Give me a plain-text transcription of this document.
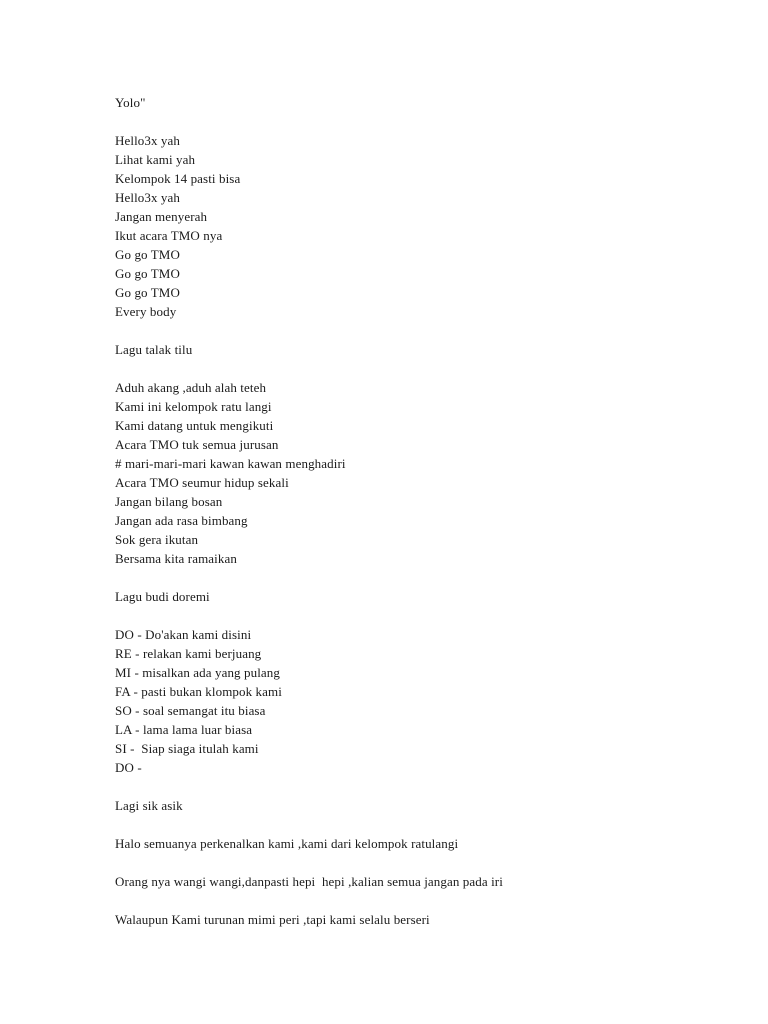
Yolo"
Hello3x yah
Lihat kami yah
Kelompok 14 pasti bisa
Hello3x yah
Jangan menyerah
Ikut acara TMO nya
Go go TMO
Go go TMO
Go go TMO
Every body
Lagu talak tilu
Aduh akang ,aduh alah teteh
Kami ini kelompok ratu langi
Kami datang untuk mengikuti
Acara TMO tuk semua jurusan
# mari-mari-mari kawan kawan menghadiri
Acara TMO seumur hidup sekali
Jangan bilang bosan
Jangan ada rasa bimbang
Sok gera ikutan
Bersama kita ramaikan
Lagu budi doremi
DO - Do'akan kami disini
RE - relakan kami berjuang
MI - misalkan ada yang pulang
FA - pasti bukan klompok kami
SO - soal semangat itu biasa
LA - lama lama luar biasa
SI -  Siap siaga itulah kami
DO -
Lagi sik asik
Halo semuanya perkenalkan kami ,kami dari kelompok ratulangi
Orang nya wangi wangi,danpasti hepi  hepi ,kalian semua jangan pada iri
Walaupun Kami turunan mimi peri ,tapi kami selalu berseri
